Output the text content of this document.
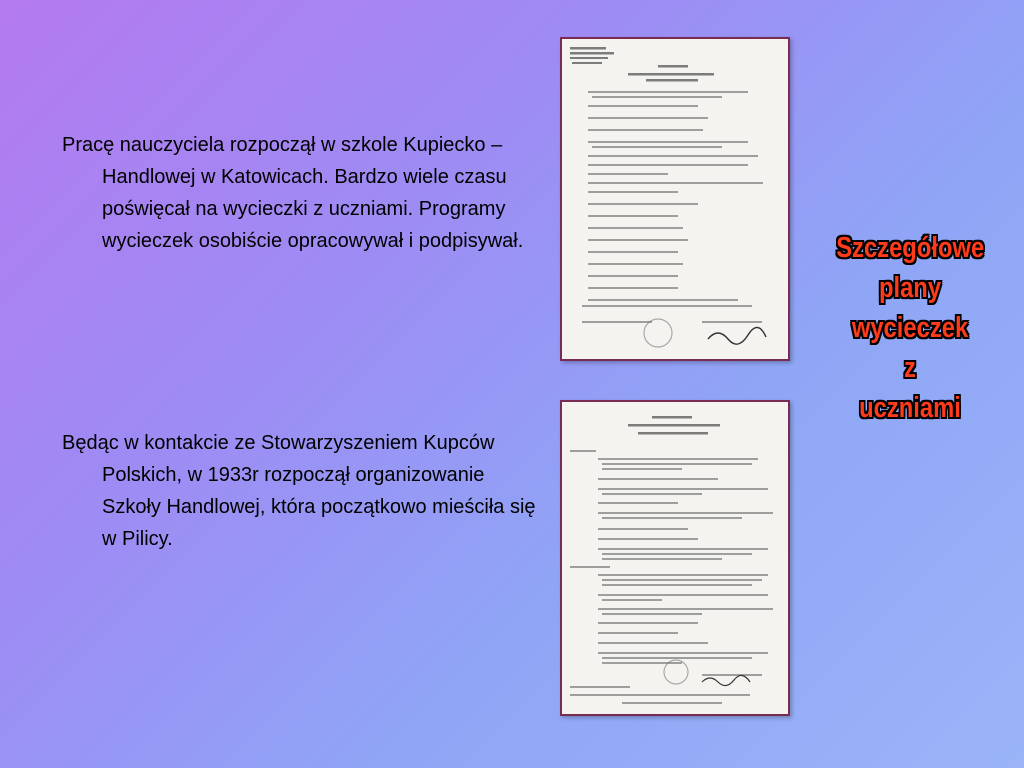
Pracę nauczyciela rozpoczął w szkole Kupiecko – Handlowej w Katowicach. Bardzo wiele czasu poświęcał na wycieczki z uczniami. Programy wycieczek osobiście opracowywał i podpisywał.

Będąc w kontakcie ze Stowarzyszeniem Kupców Polskich, w 1933r rozpoczął organizowanie Szkoły Handlowej, która początkowo mieściła się w Pilicy.

Szczegółowe
plany
wycieczek
z
uczniami
